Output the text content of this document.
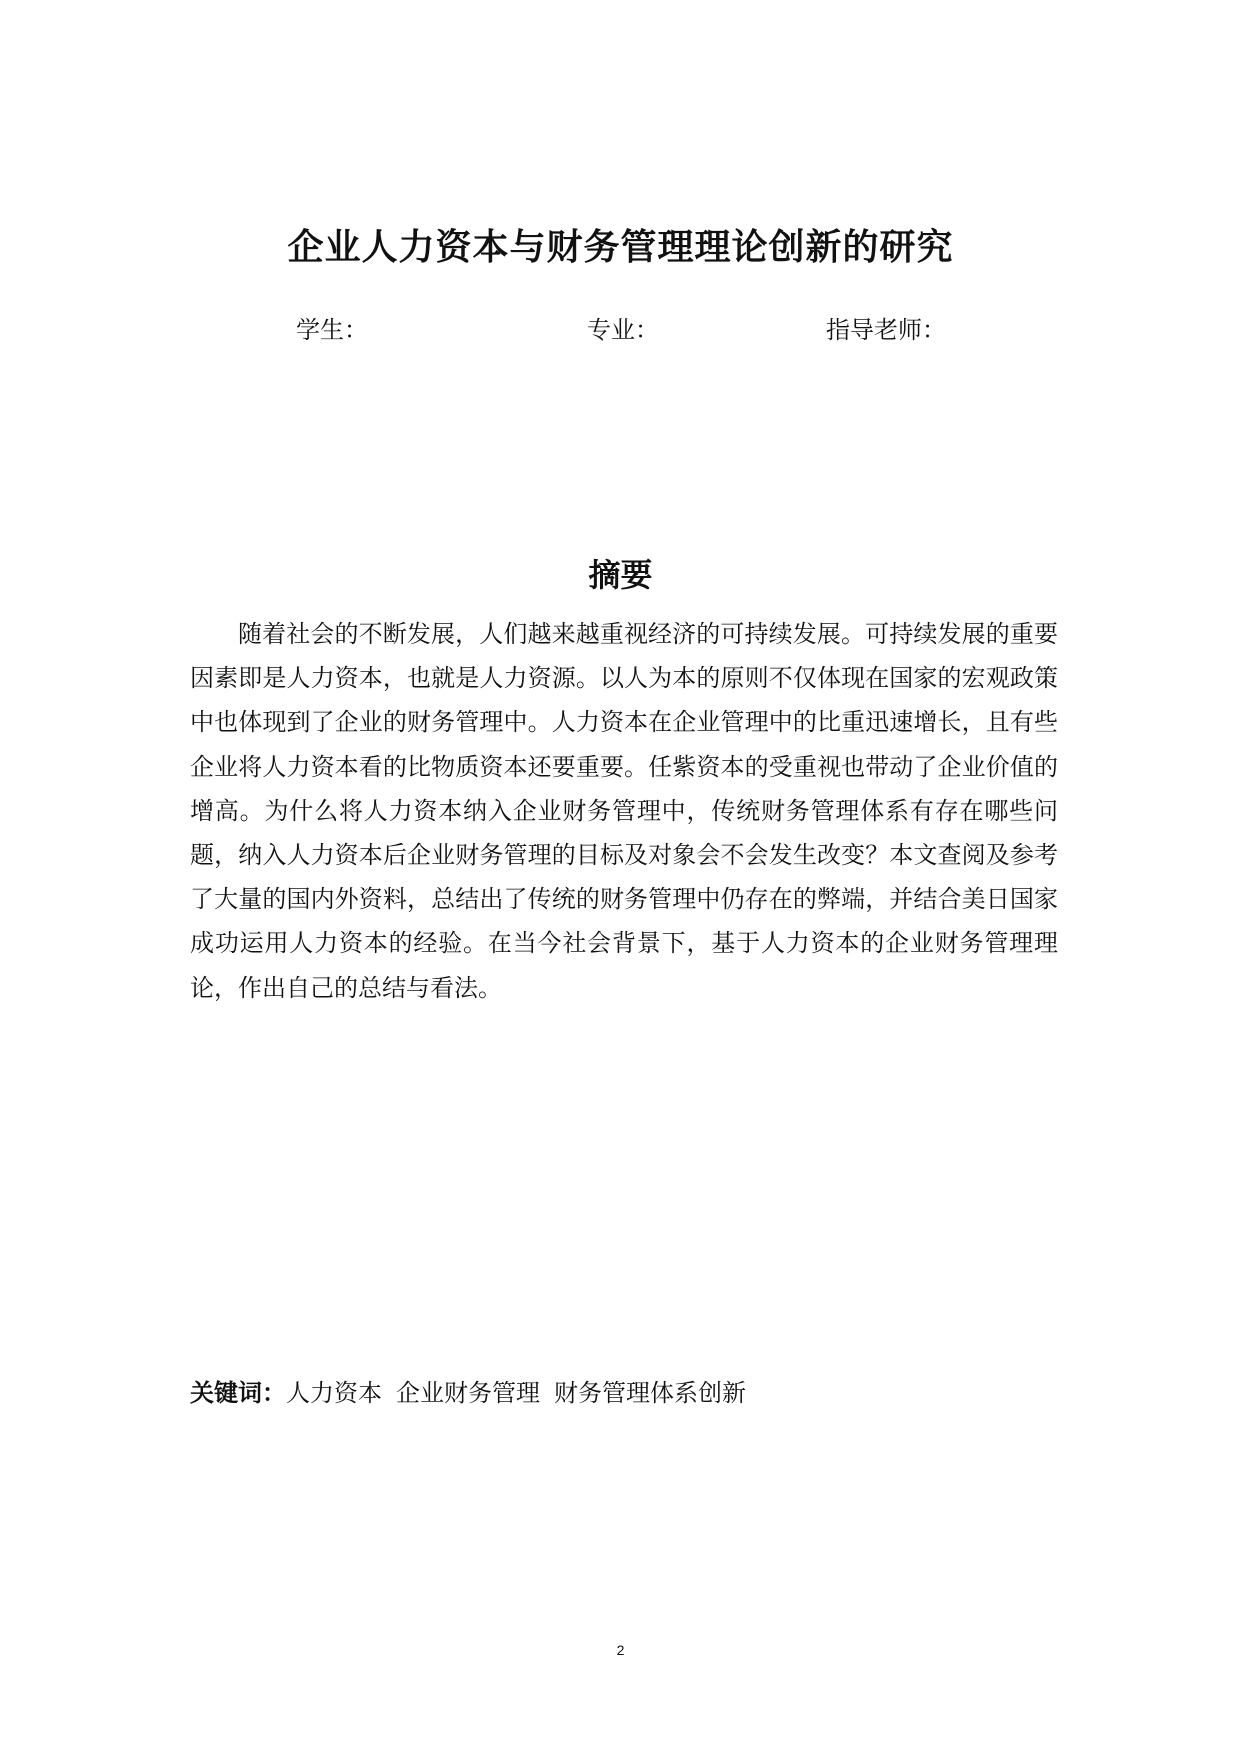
企业人力资本与财务管理理论创新的研究
学生：	专业：	指导老师：
摘要

随着社会的不断发展，人们越来越重视经济的可持续发展。可持续发展的重要因素即是人力资本，也就是人力资源。以人为本的原则不仅体现在国家的宏观政策中也体现到了企业的财务管理中。人力资本在企业管理中的比重迅速增长，且有些企业将人力资本看的比物质资本还要重要。任紫资本的受重视也带动了企业价值的增高。为什么将人力资本纳入企业财务管理中，传统财务管理体系有存在哪些问题，纳入人力资本后企业财务管理的目标及对象会不会发生改变？本文查阅及参考了大量的国内外资料，总结出了传统的财务管理中仍存在的弊端，并结合美日国家成功运用人力资本的经验。在当今社会背景下，基于人力资本的企业财务管理理论，作出自己的总结与看法。

关键词：人力资本 企业财务管理 财务管理体系创新
2
